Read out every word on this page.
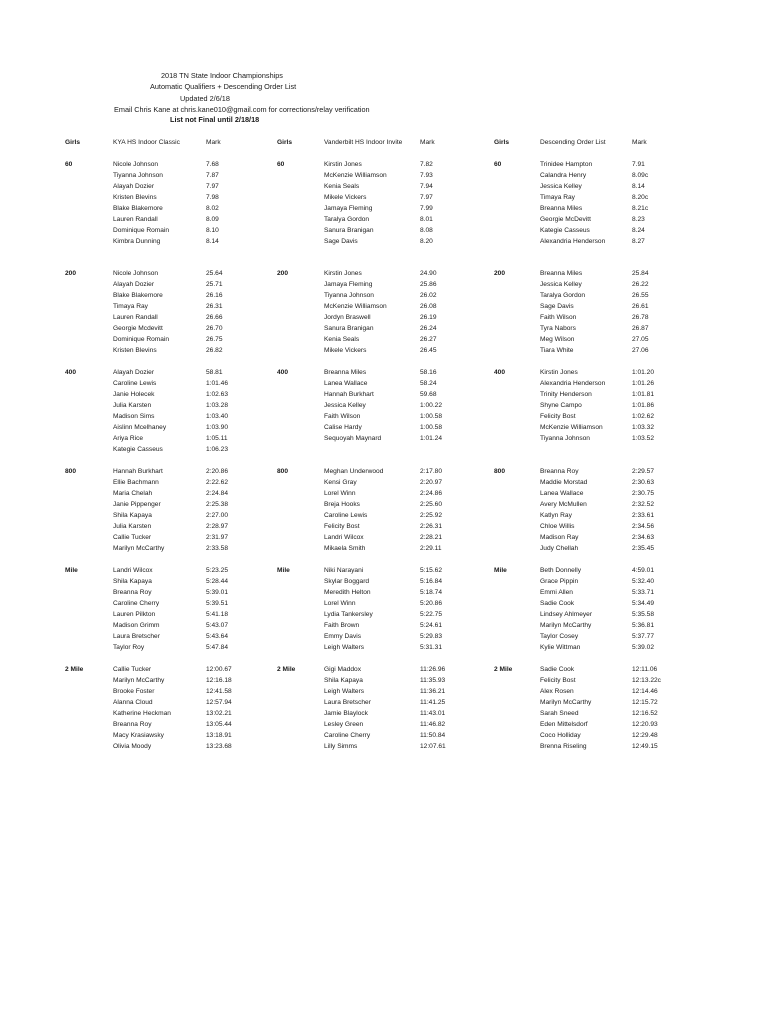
2018 TN State Indoor Championships
Automatic Qualifiers + Descending Order List
Updated 2/6/18
Email Chris Kane at chris.kane010@gmail.com for corrections/relay verification
List not Final until 2/18/18
Girls	KYA HS Indoor Classic	Mark
60	Nicole Johnson	7.68
Tiyanna Johnson	7.87
Alayah Dozier	7.97
Kristen Blevins	7.98
Blake Blakemore	8.02
Lauren Randall	8.09
Dominique Romain	8.10
Kimbra Dunning	8.14
200	Nicole Johnson	25.64
Alayah Dozier	25.71
Blake Blakemore	26.16
Timaya Ray	26.31
Lauren Randall	26.66
Georgie Mcdevitt	26.70
Dominique Romain	26.75
Kristen Blevins	26.82
400	Alayah Dozier	58.81
Caroline Lewis	1:01.46
Janie Holecek	1:02.63
Julia Karsten	1:03.28
Madison Sims	1:03.40
Aislinn Mcelhaney	1:03.90
Ariya Rice	1:05.11
Kategie Casseus	1:06.23
800	Hannah Burkhart	2:20.86
Ellie Bachmann	2:22.62
Maria Chelah	2:24.84
Janie Pippenger	2:25.38
Shila Kapaya	2:27.00
Julia Karsten	2:28.97
Callie Tucker	2:31.97
Marilyn McCarthy	2:33.58
Mile	Landri Wilcox	5:23.25
Shila Kapaya	5:28.44
Breanna Roy	5:39.01
Caroline Cherry	5:39.51
Lauren Pilkton	5:41.18
Madison Grimm	5:43.07
Laura Bretscher	5:43.64
Taylor Roy	5:47.84
2 Mile	Callie Tucker	12:00.67
Marilyn McCarthy	12:16.18
Brooke Foster	12:41.58
Alanna Cloud	12:57.94
Katherine Heckman	13:02.21
Breanna Roy	13:05.44
Macy Krasiawsky	13:18.91
Olivia Moody	13:23.68
Girls	Vanderbilt HS Indoor Invite	Mark
60	Kirstin Jones	7.82
McKenzie Williamson	7.93
Kenia Seals	7.94
Mikele Vickers	7.97
Jamaya Fleming	7.99
Taralya Gordon	8.01
Sanura Branigan	8.08
Sage Davis	8.20
200	Kirstin Jones	24.90
Jamaya Fleming	25.86
Tiyanna Johnson	26.02
McKenzie Williamson	26.08
Jordyn Braswell	26.19
Sanura Branigan	26.24
Kenia Seals	26.27
Mikele Vickers	26.45
400	Breanna Miles	58.16
Lanea Wallace	58.24
Hannah Burkhart	59.68
Jessica Kelley	1:00.22
Faith Wilson	1:00.58
Calise Hardy	1:00.58
Sequoyah Maynard	1:01.24
800	Meghan Underwood	2:17.80
Kensi Gray	2:20.97
Lorel Winn	2:24.86
Breja Hooks	2:25.60
Caroline Lewis	2:25.92
Felicity Bost	2:26.31
Landri Wilcox	2:28.21
Mikaela Smith	2:29.11
Mile	Niki Narayani	5:15.62
Skylar Boggard	5:16.84
Meredith Helton	5:18.74
Lorel Winn	5:20.86
Lydia Tankersley	5:22.75
Faith Brown	5:24.61
Emmy Davis	5:29.83
Leigh Walters	5:31.31
2 Mile	Gigi Maddox	11:26.96
Shila Kapaya	11:35.93
Leigh Walters	11:36.21
Laura Bretscher	11:41.25
Jamie Blaylock	11:43.01
Lesley Green	11:46.82
Caroline Cherry	11:50.84
Lilly Simms	12:07.61
Girls	Descending Order List	Mark
60	Trinidee Hampton	7.91
Calandra Henry	8.09c
Jessica Kelley	8.14
Timaya Ray	8.20c
Breanna Miles	8.21c
Georgie McDevitt	8.23
Kategie Casseus	8.24
Alexandria Henderson	8.27
200	Breanna Miles	25.84
Jessica Kelley	26.22
Taralya Gordon	26.55
Sage Davis	26.61
Faith Wilson	26.78
Tyra Nabors	26.87
Meg Wilson	27.05
Tiara White	27.06
400	Kirstin Jones	1:01.20
Alexandria Henderson	1:01.26
Trinity Henderson	1:01.81
Shyne Campo	1:01.86
Felicity Bost	1:02.62
McKenzie Williamson	1:03.32
Tiyanna Johnson	1:03.52
800	Breanna Roy	2:29.57
Maddie Morstad	2:30.63
Lanea Wallace	2:30.75
Avery McMullen	2:32.52
Katlyn Ray	2:33.61
Chloe Willis	2:34.56
Madison Ray	2:34.63
Judy Chellah	2:35.45
Mile	Beth Donnelly	4:59.01
Grace Pippin	5:32.40
Emmi Allen	5:33.71
Sadie Cook	5:34.49
Lindsey Ahlmeyer	5:35.58
Marilyn McCarthy	5:36.81
Taylor Cosey	5:37.77
Kylie Wittman	5:39.02
2 Mile	Sadie Cook	12:11.06
Felicity Bost	12:13.22c
Alex Rosen	12:14.46
Marilyn McCarthy	12:15.72
Sarah Sneed	12:16.52
Eden Mittelsdorf	12:20.93
Coco Holliday	12:29.48
Brenna Riseling	12:49.15
